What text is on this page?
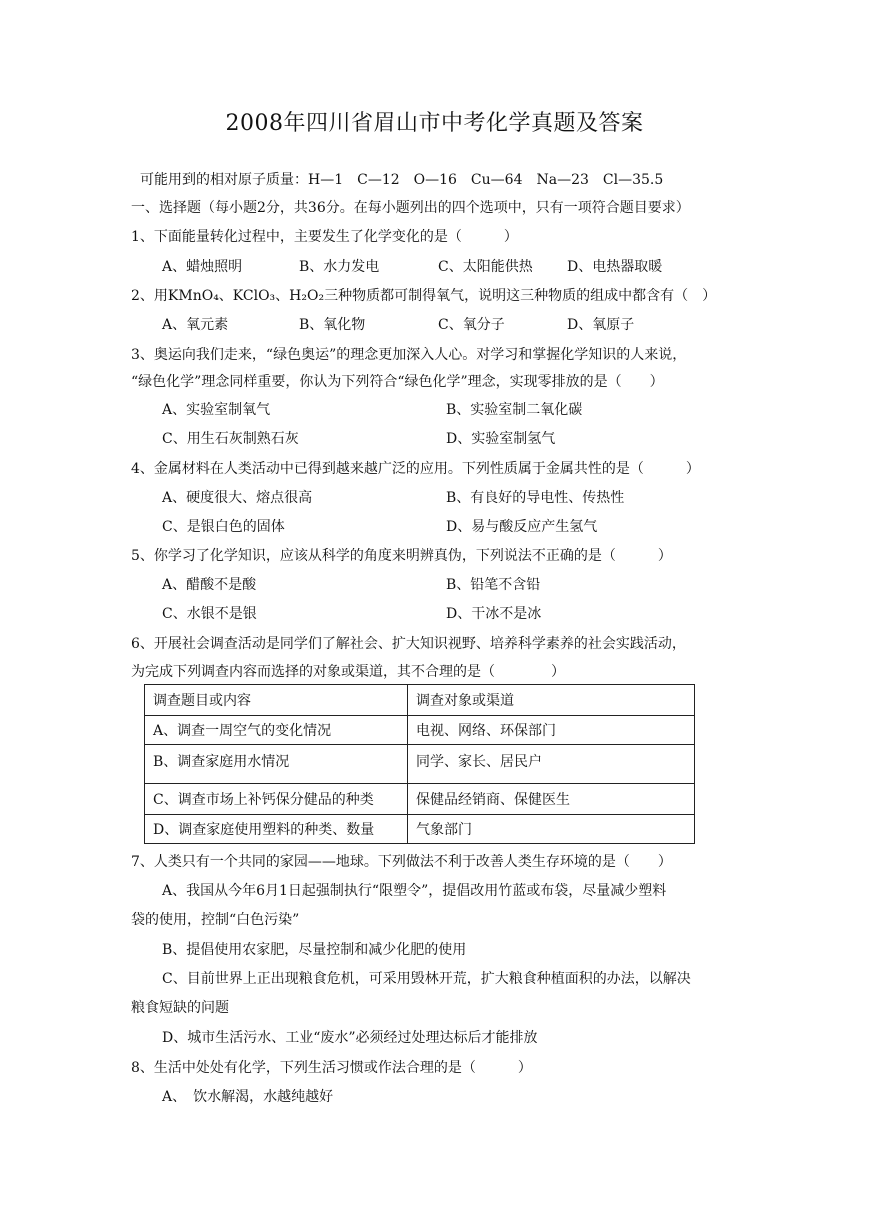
2008年四川省眉山市中考化学真题及答案
可能用到的相对原子质量：H—1　C—12　O—16　Cu—64　Na—23　Cl—35.5
一、选择题（每小题2分，共36分。在每小题列出的四个选项中，只有一项符合题目要求）
1、下面能量转化过程中，主要发生了化学变化的是（　　　）
A、蜡烛照明	B、水力发电	C、太阳能供热 D、电热器取暖
2、用KMnO₄、KClO₃、H₂O₂三种物质都可制得氧气，说明这三种物质的组成中都含有（　）
A、氧元素	B、氧化物	C、氧分子	D、氧原子
3、奥运向我们走来，“绿色奥运”的理念更加深入人心。对学习和掌握化学知识的人来说，
“绿色化学”理念同样重要，你认为下列符合“绿色化学”理念，实现零排放的是（　　）
A、实验室制氧气	B、实验室制二氧化碳
C、用生石灰制熟石灰	D、实验室制氢气
4、金属材料在人类活动中已得到越来越广泛的应用。下列性质属于金属共性的是（　　　）
A、硬度很大、熔点很高	B、有良好的导电性、传热性
C、是银白色的固体	D、易与酸反应产生氢气
5、你学习了化学知识，应该从科学的角度来明辨真伪，下列说法不正确的是（　　　）
A、醋酸不是酸	B、铅笔不含铅
C、水银不是银	D、干冰不是冰
6、开展社会调查活动是同学们了解社会、扩大知识视野、培养科学素养的社会实践活动，
为完成下列调查内容而选择的对象或渠道，其不合理的是（　　　　）
调查题目或内容	调查对象或渠道
A、调查一周空气的变化情况	电视、网络、环保部门
B、调查家庭用水情况	同学、家长、居民户
C、调查市场上补钙保分健品的种类	保健品经销商、保健医生
D、调查家庭使用塑料的种类、数量	气象部门
7、人类只有一个共同的家园——地球。下列做法不利于改善人类生存环境的是（　　）
A、我国从今年6月1日起强制执行“限塑令”，提倡改用竹蓝或布袋，尽量减少塑料
袋的使用，控制“白色污染”
B、提倡使用农家肥，尽量控制和减少化肥的使用
C、目前世界上正出现粮食危机，可采用毁林开荒，扩大粮食种植面积的办法，以解决
粮食短缺的问题
D、城市生活污水、工业“废水”必须经过处理达标后才能排放
8、生活中处处有化学，下列生活习惯或作法合理的是（　　　）
A、　饮水解渴，水越纯越好
